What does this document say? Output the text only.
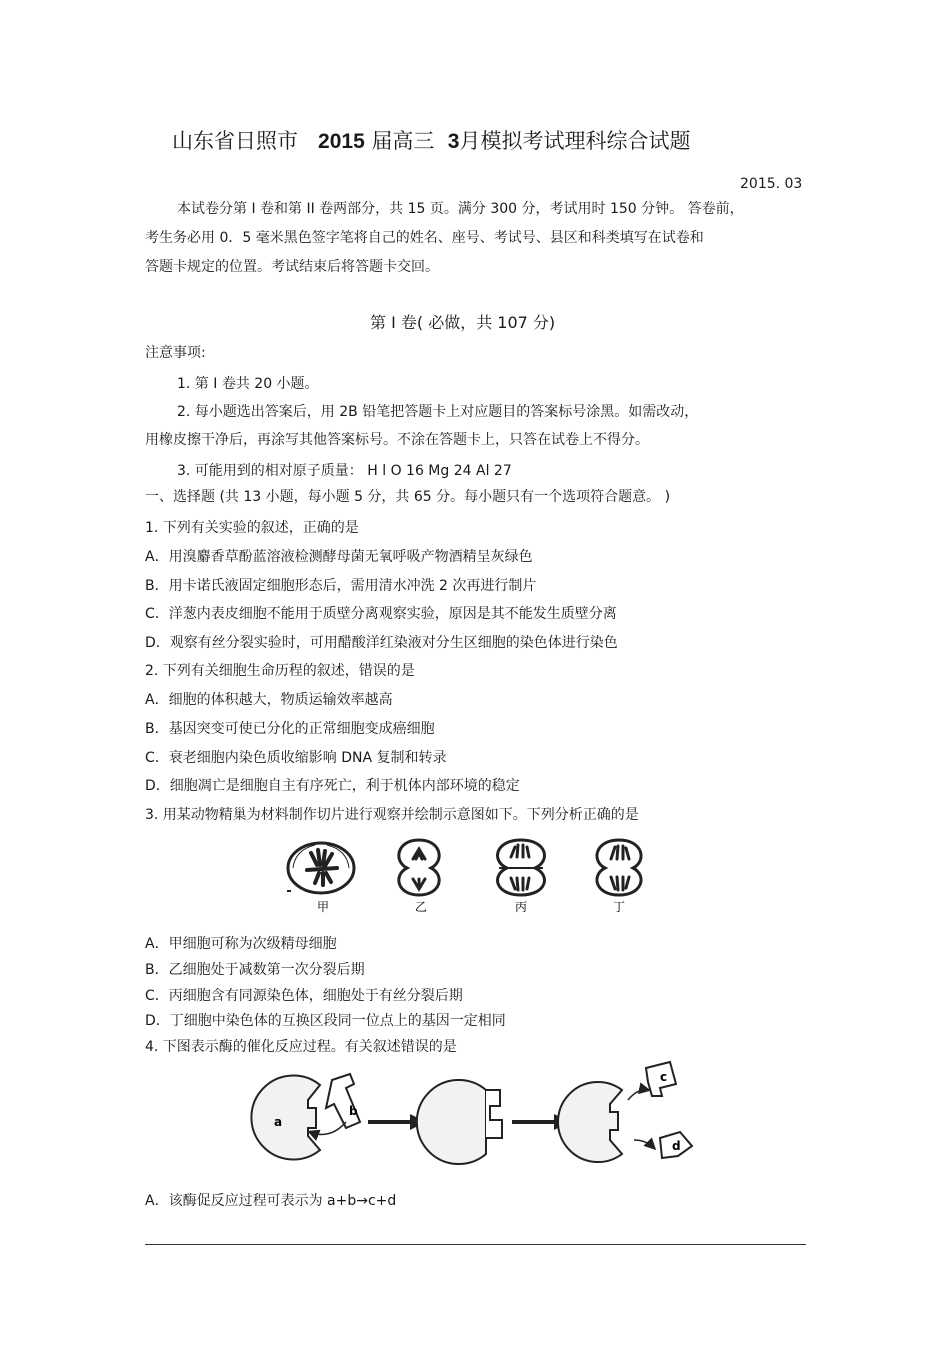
山东省日照市 2015 届高三 3月模拟考试理科综合试题
2015. 03
本试卷分第 I 卷和第 II 卷两部分，共 15 页。满分 300 分，考试用时 150 分钟。 答卷前，
考生务必用 0．5 毫米黑色签字笔将自己的姓名、座号、考试号、县区和科类填写在试卷和
答题卡规定的位置。考试结束后将答题卡交回。
第 I 卷( 必做，共 107 分)
注意事项:
1. 第 I 卷共 20 小题。
2. 每小题选出答案后，用 2B 铅笔把答题卡上对应题目的答案标号涂黑。如需改动，
用橡皮擦干净后，再涂写其他答案标号。不涂在答题卡上，只答在试卷上不得分。
3. 可能用到的相对原子质量： H l O 16 Mg 24 Al 27
一、选择题 (共 13 小题，每小题 5 分，共 65 分。每小题只有一个选项符合题意。 )
1. 下列有关实验的叙述，正确的是
A．用溴麝香草酚蓝溶液检测酵母菌无氧呼吸产物酒精呈灰绿色
B．用卡诺氏液固定细胞形态后，需用清水冲洗 2 次再进行制片
C．洋葱内表皮细胞不能用于质壁分离观察实验，原因是其不能发生质壁分离
D．观察有丝分裂实验时，可用醋酸洋红染液对分生区细胞的染色体进行染色
2. 下列有关细胞生命历程的叙述，错误的是
A．细胞的体积越大，物质运输效率越高
B．基因突变可使已分化的正常细胞变成癌细胞
C．衰老细胞内染色质收缩影响 DNA 复制和转录
D．细胞凋亡是细胞自主有序死亡，利于机体内部环境的稳定
3. 用某动物精巢为材料制作切片进行观察并绘制示意图如下。下列分析正确的是
甲	乙	丙	丁
A．甲细胞可称为次级精母细胞
B．乙细胞处于减数第一次分裂后期
C．丙细胞含有同源染色体，细胞处于有丝分裂后期
D．丁细胞中染色体的互换区段同一位点上的基因一定相同
4. 下图表示酶的催化反应过程。有关叙述错误的是
a
b
c
d
A．该酶促反应过程可表示为 a+b→c+d
